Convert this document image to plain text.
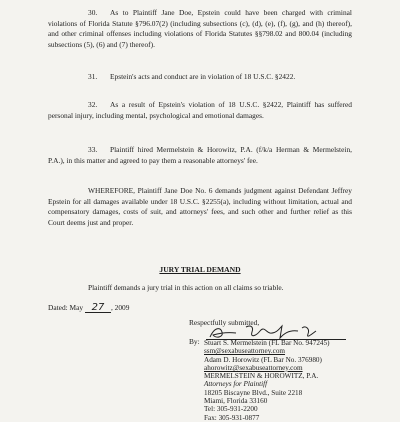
30. As to Plaintiff Jane Doe, Epstein could have been charged with criminal violations of Florida Statute §796.07(2) (including subsections (c), (d), (e), (f), (g), and (h) thereof), and other criminal offenses including violations of Florida Statutes §§798.02 and 800.04 (including subsections (5), (6) and (7) thereof).

31. Epstein's acts and conduct are in violation of 18 U.S.C. §2422.

32. As a result of Epstein's violation of 18 U.S.C. §2422, Plaintiff has suffered personal injury, including mental, psychological and emotional damages.

33. Plaintiff hired Mermelstein & Horowitz, P.A. (f/k/a Herman & Mermelstein, P.A.), in this matter and agreed to pay them a reasonable attorneys' fee.

WHEREFORE, Plaintiff Jane Doe No. 6 demands judgment against Defendant Jeffrey Epstein for all damages available under 18 U.S.C. §2255(a), including without limitation, actual and compensatory damages, costs of suit, and attorneys' fees, and such other and further relief as this Court deems just and proper.

JURY TRIAL DEMAND

Plaintiff demands a jury trial in this action on all claims so triable.

Dated: May 27 , 2009
Respectfully submitted,
By: Stuart S. Mermelstein (FL Bar No. 947245)
ssm@sexabuseattorney.com
Adam D. Horowitz (FL Bar No. 376980)
ahorowitz@sexabuseattorney.com
MERMELSTEIN & HOROWITZ, P.A.
Attorneys for Plaintiff
18205 Biscayne Blvd., Suite 2218
Miami, Florida 33160
Tel: 305-931-2200
Fax: 305-931-0877
